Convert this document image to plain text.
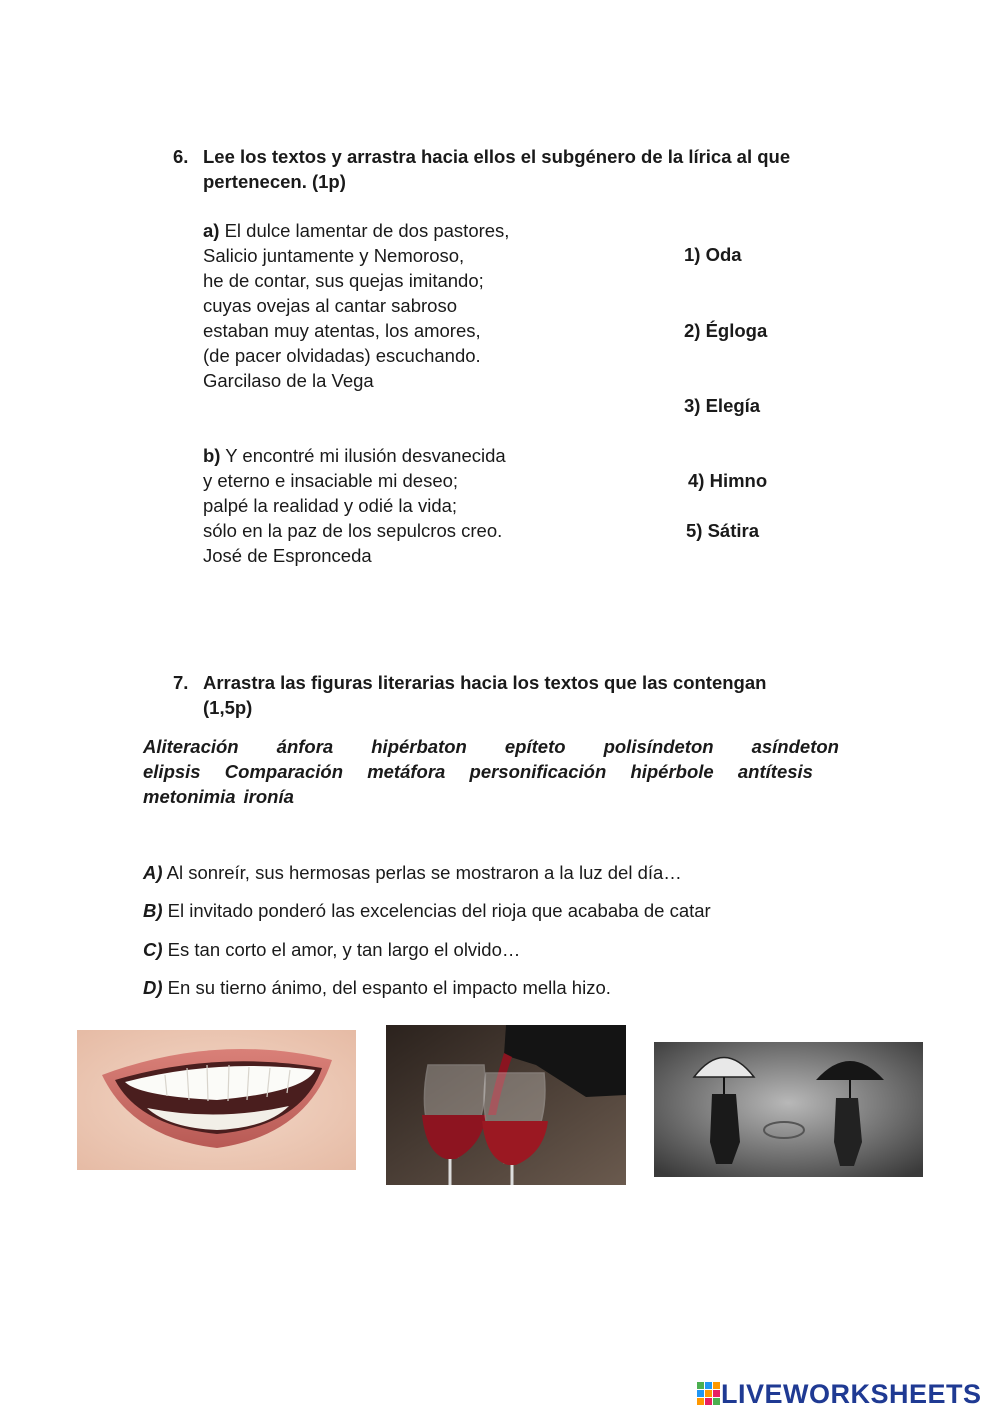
6. Lee los textos y arrastra hacia ellos el subgénero de la lírica al que
pertenecen. (1p)
a) El dulce lamentar de dos pastores,
Salicio juntamente y Nemoroso,
he de contar, sus quejas imitando;
cuyas ovejas al cantar sabroso
estaban muy atentas, los amores,
(de pacer olvidadas) escuchando.
Garcilaso de la Vega
b) Y encontré mi ilusión desvanecida
y eterno e insaciable mi deseo;
palpé la realidad y odié la vida;
sólo en la paz de los sepulcros creo.
José de Espronceda
1) Oda
2) Égloga
3) Elegía
4) Himno
5) Sátira
7. Arrastra las figuras literarias hacia los textos que las contengan
(1,5p)
Aliteración ánfora hipérbaton epíteto polisíndeton asíndeton
elipsis Comparación metáfora personificación hipérbole antítesis
metonimia ironía
A) Al sonreír, sus hermosas perlas se mostraron a la luz del día…
B) El invitado ponderó las excelencias del rioja que acababa de catar
C) Es tan corto el amor, y tan largo el olvido…
D) En su tierno ánimo, del espanto el impacto mella hizo.
LIVEWORKSHEETS
